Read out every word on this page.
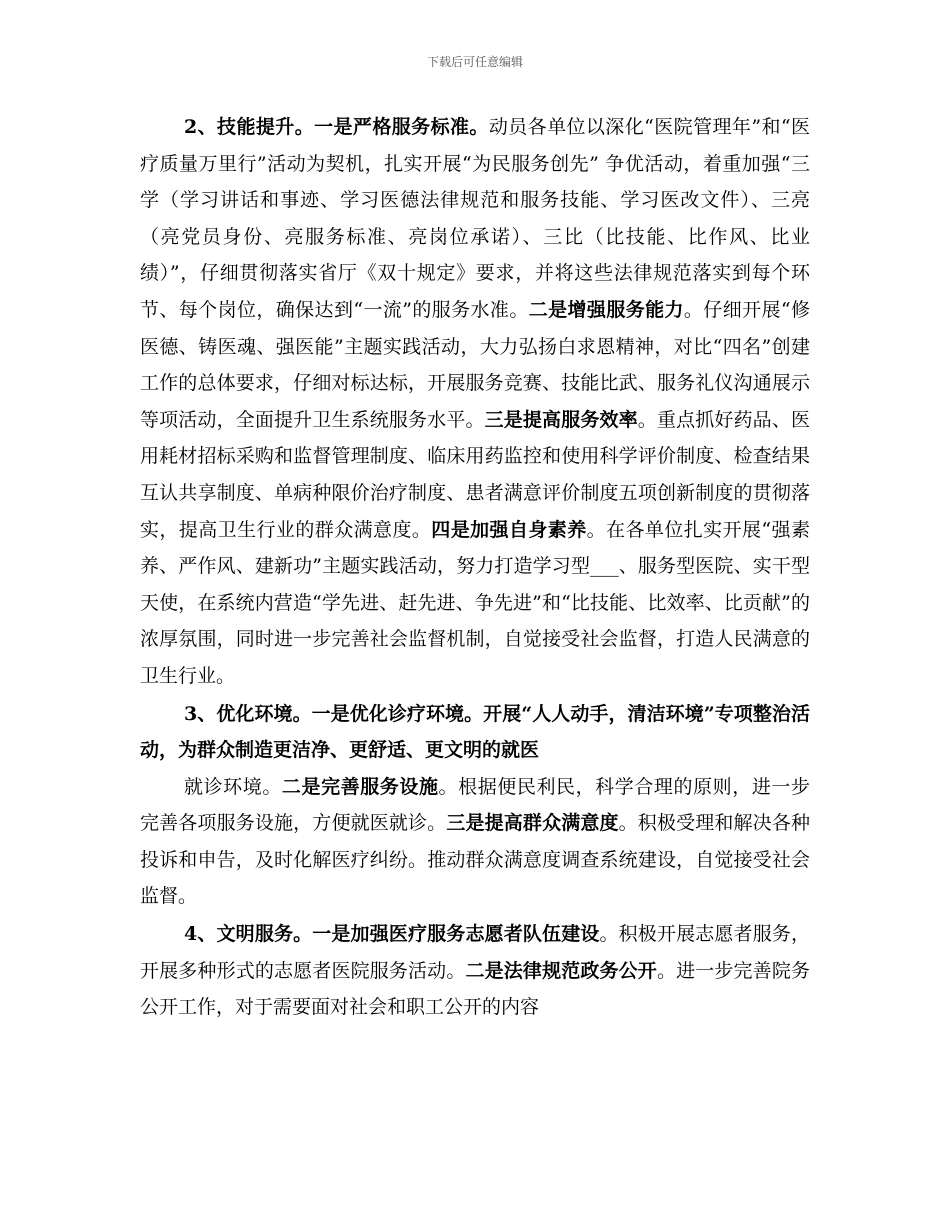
下载后可任意编辑

2、技能提升。一是严格服务标准。动员各单位以深化“医院管理年”和“医疗质量万里行”活动为契机，扎实开展“为民服务创先” 争优活动，着重加强“三学（学习讲话和事迹、学习医德法律规范和服务技能、学习医改文件）、三亮（亮党员身份、亮服务标准、亮岗位承诺）、三比（比技能、比作风、比业绩）”，仔细贯彻落实省厅《双十规定》要求，并将这些法律规范落实到每个环节、每个岗位，确保达到“一流”的服务水准。二是增强服务能力。仔细开展“修医德、铸医魂、强医能”主题实践活动，大力弘扬白求恩精神，对比“四名”创建工作的总体要求，仔细对标达标，开展服务竞赛、技能比武、服务礼仪沟通展示等项活动，全面提升卫生系统服务水平。三是提高服务效率。重点抓好药品、医用耗材招标采购和监督管理制度、临床用药监控和使用科学评价制度、检查结果互认共享制度、单病种限价治疗制度、患者满意评价制度五项创新制度的贯彻落实，提高卫生行业的群众满意度。四是加强自身素养。在各单位扎实开展“强素养、严作风、建新功”主题实践活动，努力打造学习型___、服务型医院、实干型天使，在系统内营造“学先进、赶先进、争先进”和“比技能、比效率、比贡献”的浓厚氛围，同时进一步完善社会监督机制，自觉接受社会监督，打造人民满意的卫生行业。

3、优化环境。一是优化诊疗环境。开展“人人动手，清洁环境”专项整治活动，为群众制造更洁净、更舒适、更文明的就医

就诊环境。二是完善服务设施。根据便民利民，科学合理的原则，进一步完善各项服务设施，方便就医就诊。三是提高群众满意度。积极受理和解决各种投诉和申告，及时化解医疗纠纷。推动群众满意度调查系统建设，自觉接受社会监督。

4、文明服务。一是加强医疗服务志愿者队伍建设。积极开展志愿者服务，开展多种形式的志愿者医院服务活动。二是法律规范政务公开。进一步完善院务公开工作，对于需要面对社会和职工公开的内容
